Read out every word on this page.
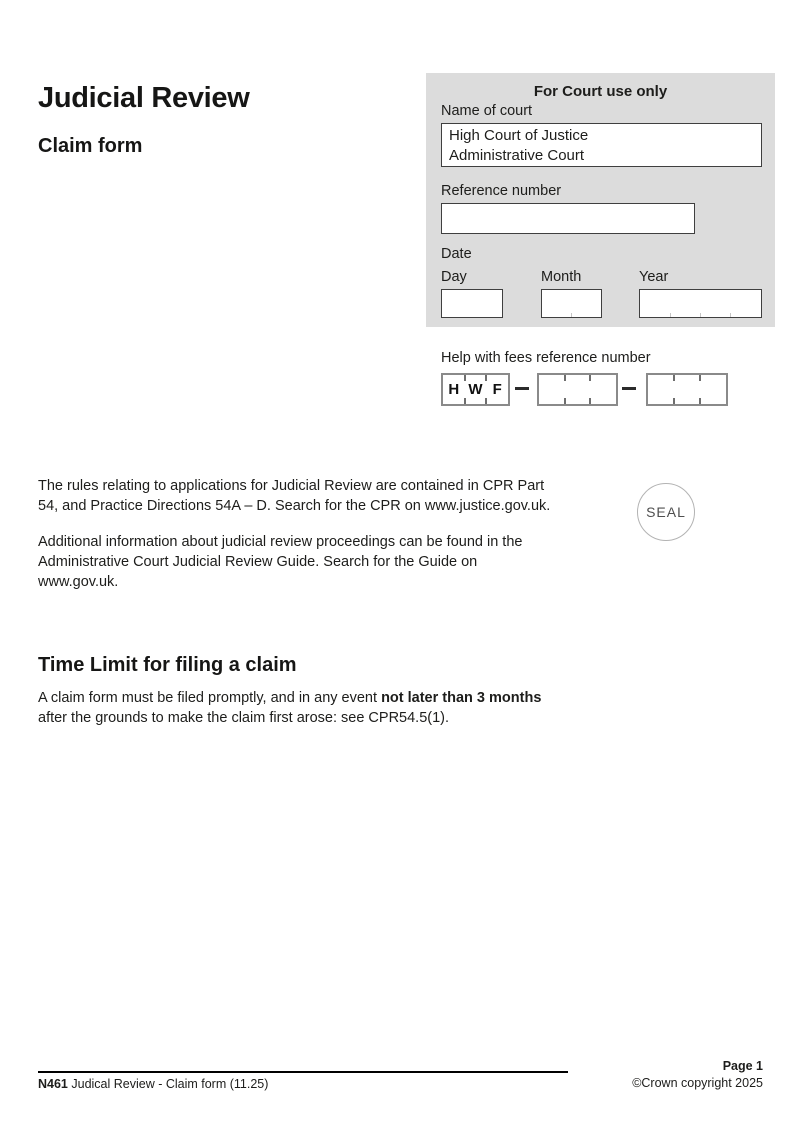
Judicial Review
Claim form
For Court use only
Name of court
High Court of Justice
Administrative Court
Reference number
Date
Day	Month	Year
Help with fees reference number
H W F

The rules relating to applications for Judicial Review are contained in CPR Part 54, and Practice Directions 54A – D. Search for the CPR on www.justice.gov.uk.

Additional information about judicial review proceedings can be found in the Administrative Court Judicial Review Guide. Search for the Guide on www.gov.uk.

SEAL
Time Limit for filing a claim

A claim form must be filed promptly, and in any event not later than 3 months after the grounds to make the claim first arose: see CPR54.5(1).

N461 Judical Review - Claim form (11.25)
Page 1
©Crown copyright 2025
